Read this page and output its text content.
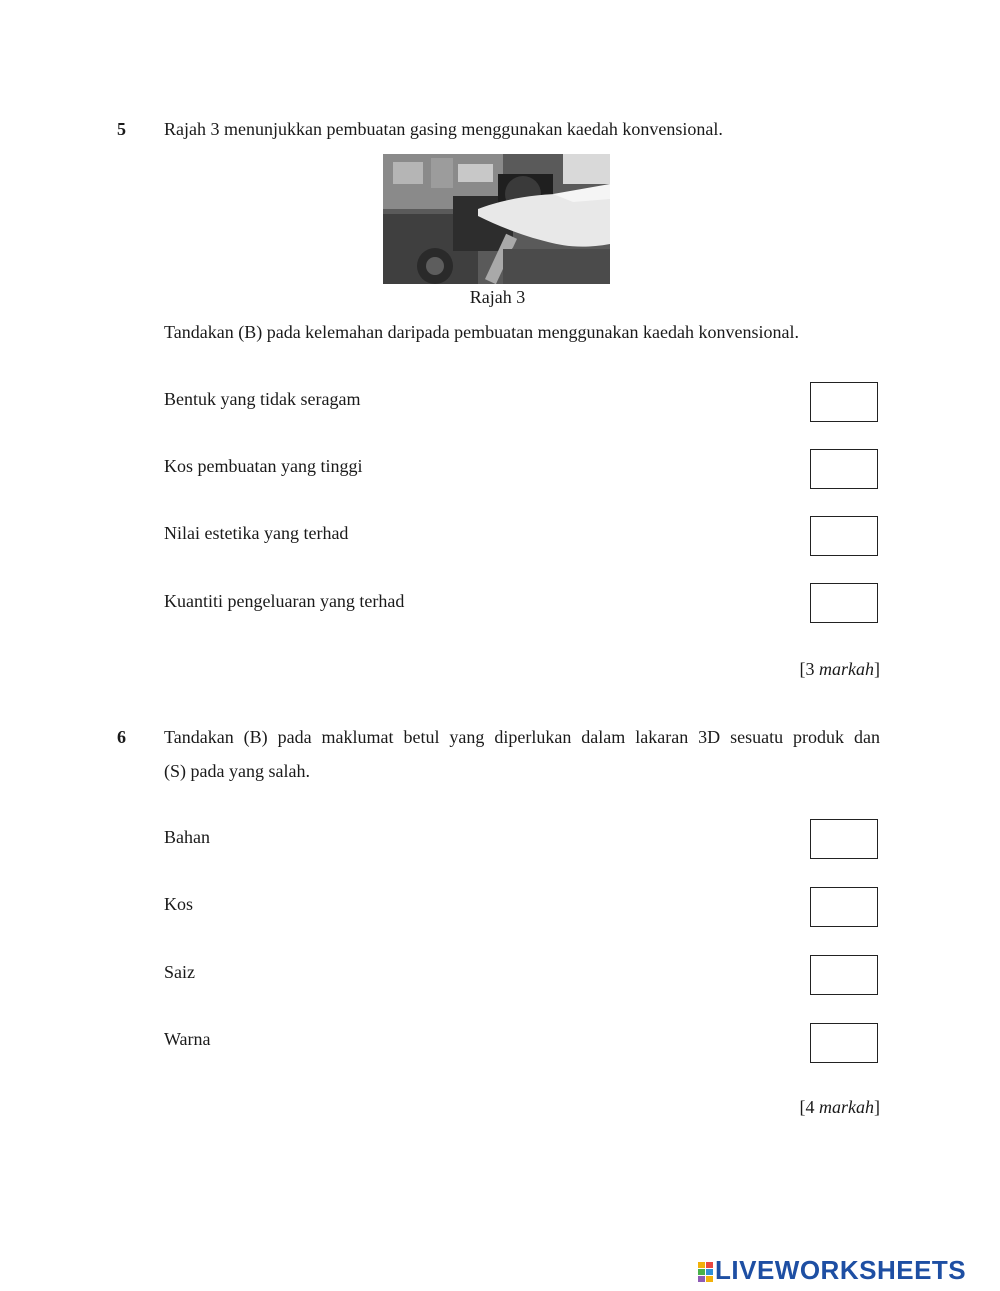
5 Rajah 3 menunjukkan pembuatan gasing menggunakan kaedah konvensional.
Rajah 3
Tandakan (B) pada kelemahan daripada pembuatan menggunakan kaedah konvensional.
Bentuk yang tidak seragam
Kos pembuatan yang tinggi
Nilai estetika yang terhad
Kuantiti pengeluaran yang terhad
[3 markah]
6 Tandakan (B) pada maklumat betul yang diperlukan dalam lakaran 3D sesuatu produk dan
(S) pada yang salah.
Bahan
Kos
Saiz
Warna
[4 markah]
LIVEWORKSHEETS
